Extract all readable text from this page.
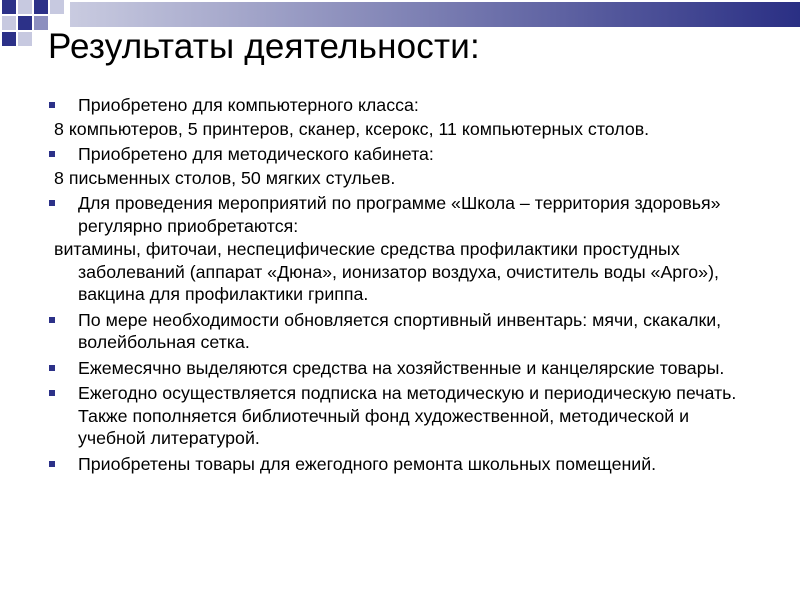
Результаты деятельности:
Приобретено для компьютерного класса:
8 компьютеров, 5 принтеров, сканер, ксерокс, 11 компьютерных столов.
Приобретено для методического кабинета:
8 письменных столов, 50 мягких стульев.
Для проведения мероприятий по программе «Школа – территория здоровья» регулярно приобретаются:
витамины, фиточаи, неспецифические средства профилактики простудных заболеваний (аппарат «Дюна», ионизатор воздуха, очиститель воды «Арго»), вакцина для профилактики гриппа.
По мере необходимости обновляется спортивный инвентарь: мячи, скакалки, волейбольная сетка.
Ежемесячно выделяются средства на хозяйственные и канцелярские товары.
Ежегодно осуществляется подписка на методическую и периодическую печать. Также пополняется библиотечный фонд художественной, методической и учебной литературой.
Приобретены товары для ежегодного ремонта школьных помещений.
